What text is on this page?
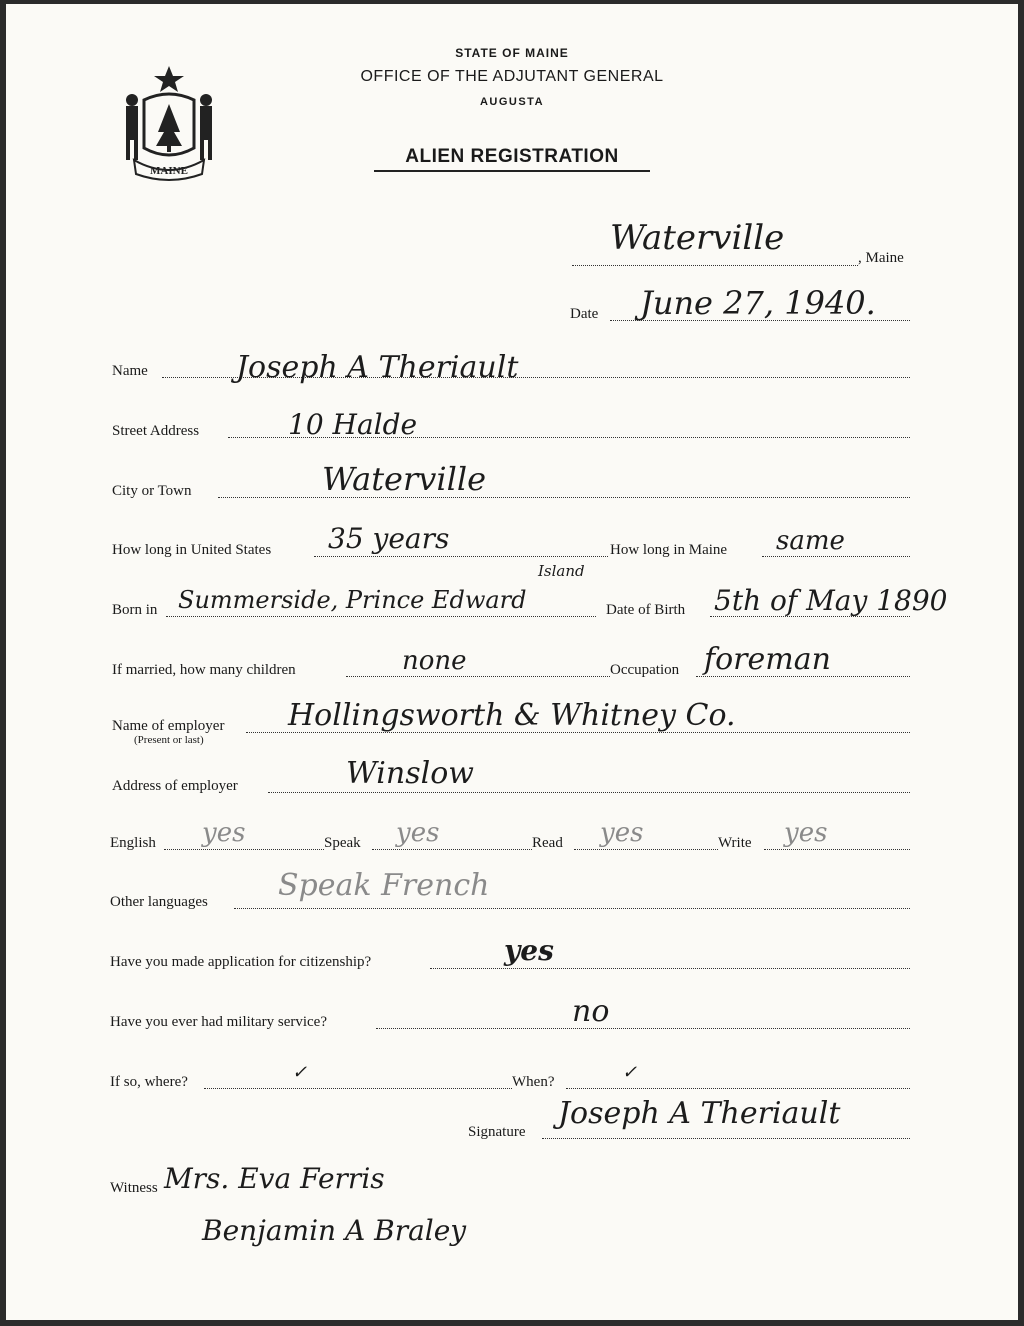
MAINE
STATE OF MAINE
OFFICE OF THE ADJUTANT GENERAL
AUGUSTA
ALIEN REGISTRATION
Waterville	, Maine
Date June 27, 1940.
Name	Joseph A Theriault
Street Address	10 Halde
City or Town	Waterville
How long in United States 35 years	How long in Maine same
Born in Summerside, Prince Edward
Island
Date of Birth 5th of May 1890
If married, how many children	none	Occupation foreman
Name of employer
(Present or last)
Hollingsworth & Whitney Co.
Address of employer	Winslow
English yes	Speak yes	Read yes	Write yes
Other languages Speak French
Have you made application for citizenship?	yes
Have you ever had military service?	no
If so, where?	✓	When?	✓
Signature
Joseph A Theriault
Witness Mrs. Eva Ferris
Benjamin A Braley
